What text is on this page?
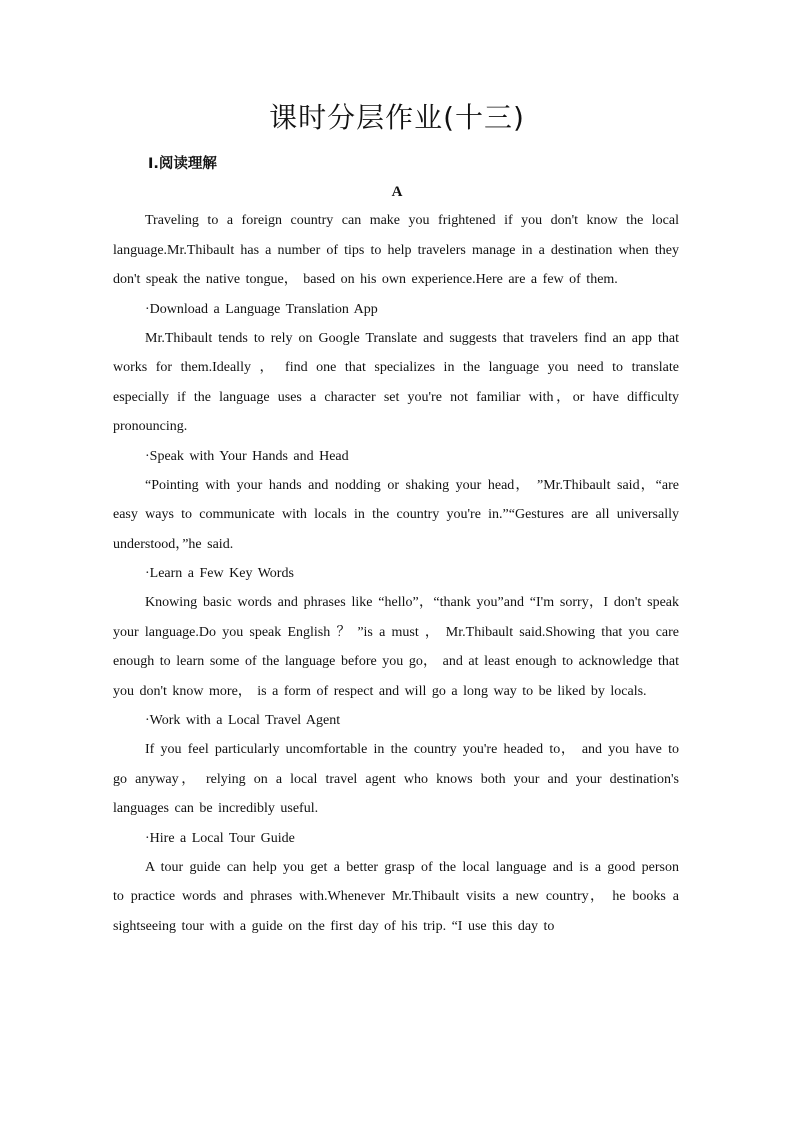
课时分层作业(十三)
Ⅰ.阅读理解
A

Traveling to a foreign country can make you frightened if you don't know the local language.Mr.Thibault has a number of tips to help travelers manage in a destination when they don't speak the native tongue， based on his own experience.Here are a few of them.

·Download a Language Translation App

Mr.Thibault tends to rely on Google Translate and suggests that travelers find an app that works for them.Ideally ， find one that specializes in the language you need to translate especially if the language uses a character set you're not familiar with，or have difficulty pronouncing.

·Speak with Your Hands and Head

“Pointing with your hands and nodding or shaking your head， ”Mr.Thibault said，“are easy ways to communicate with locals in the country you're in.”“Gestures are all universally understood，”he said.

·Learn a Few Key Words

Knowing basic words and phrases like “hello”，“thank you”and “I'm sorry，I don't speak your language.Do you speak English ？ ”is a must ， Mr.Thibault said.Showing that you care enough to learn some of the language before you go， and at least enough to acknowledge that you don't know more， is a form of respect and will go a long way to be liked by locals.

·Work with a Local Travel Agent

If you feel particularly uncomfortable in the country you're headed to， and you have to go anyway， relying on a local travel agent who knows both your and your destination's languages can be incredibly useful.

·Hire a Local Tour Guide

A tour guide can help you get a better grasp of the local language and is a good person to practice words and phrases with.Whenever Mr.Thibault visits a new country， he books a sightseeing tour with a guide on the first day of his trip. “I use this day to
